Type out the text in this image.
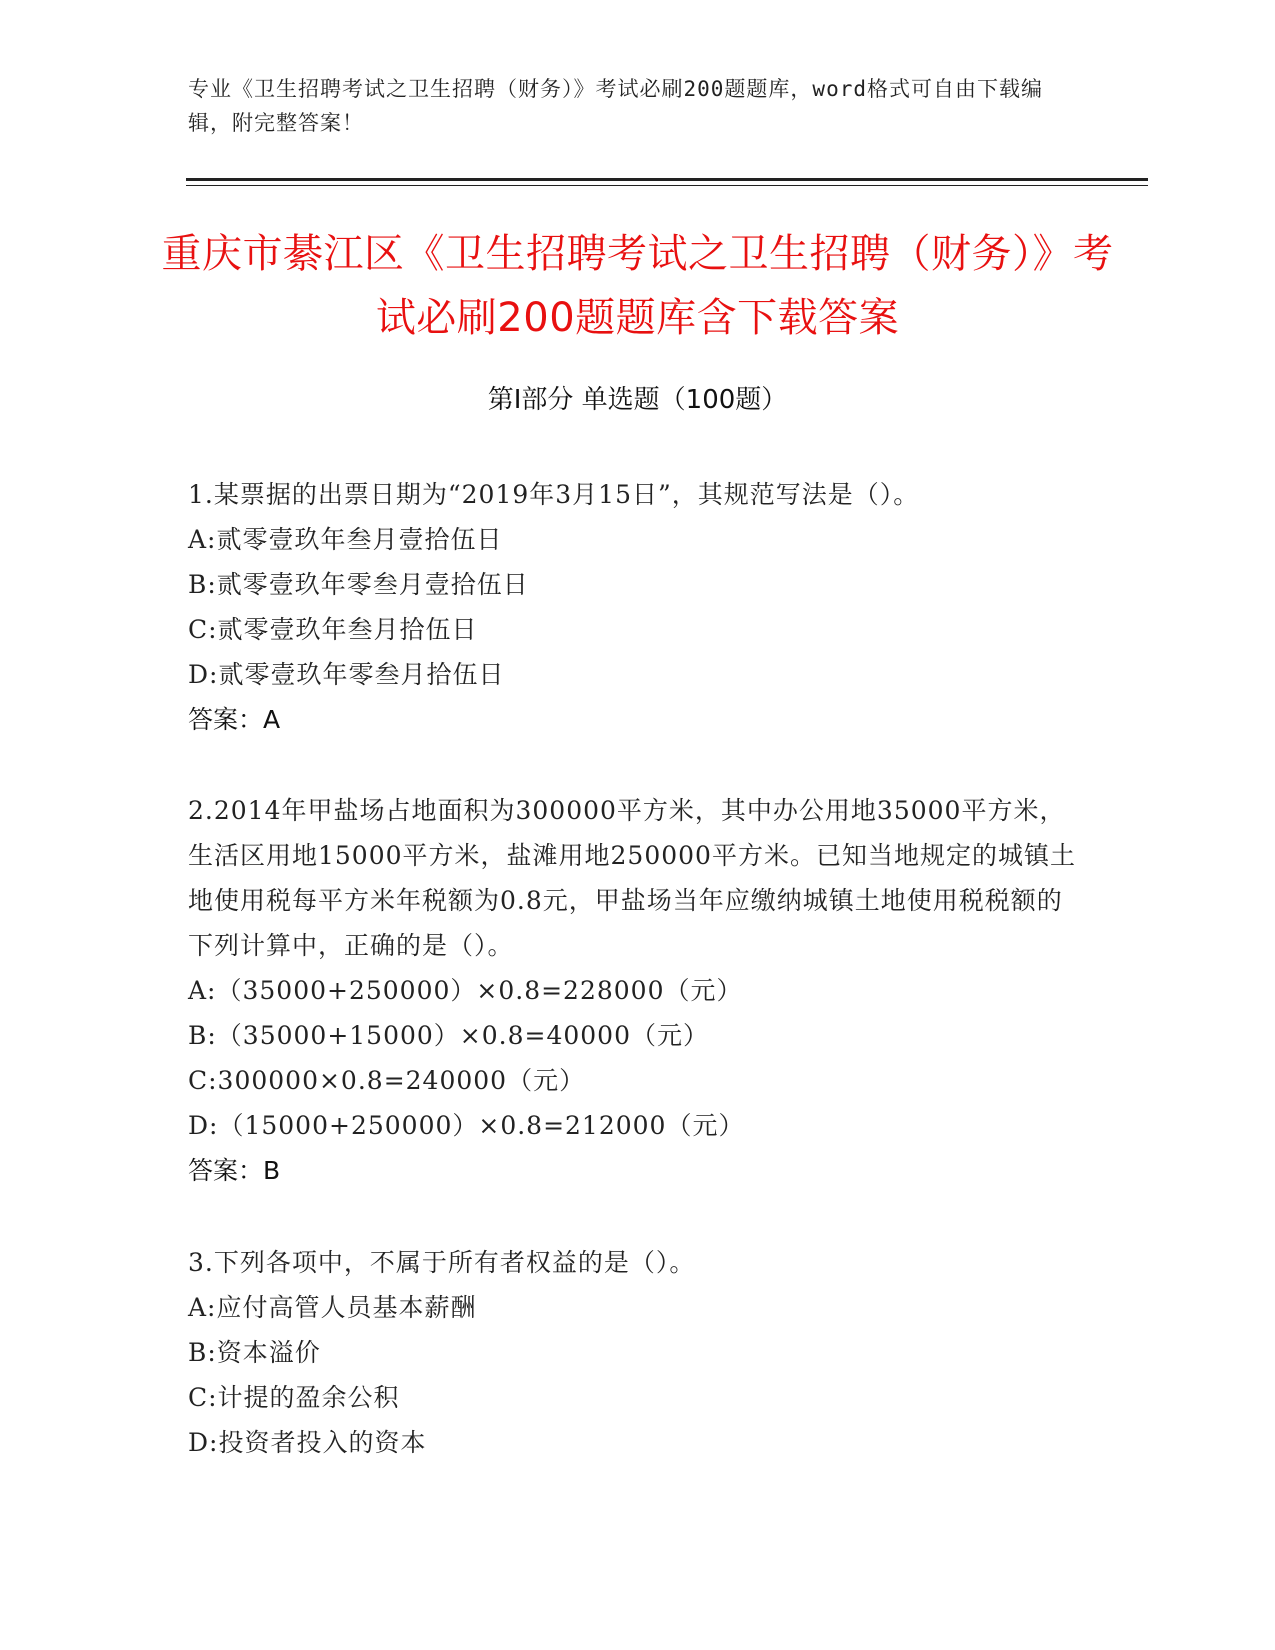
专业《卫生招聘考试之卫生招聘（财务）》考试必刷200题题库，word格式可自由下载编辑，附完整答案！
重庆市綦江区《卫生招聘考试之卫生招聘（财务）》考试必刷200题题库含下载答案
第Ⅰ部分 单选题（100题）
1.某票据的出票日期为“2019年3月15日”，其规范写法是（）。
A:贰零壹玖年叁月壹拾伍日
B:贰零壹玖年零叁月壹拾伍日
C:贰零壹玖年叁月拾伍日
D:贰零壹玖年零叁月拾伍日
答案：A
2.2014年甲盐场占地面积为300000平方米，其中办公用地35000平方米，生活区用地15000平方米，盐滩用地250000平方米。已知当地规定的城镇土地使用税每平方米年税额为0.8元，甲盐场当年应缴纳城镇土地使用税税额的下列计算中，正确的是（）。
A:（35000+250000）×0.8=228000（元）
B:（35000+15000）×0.8=40000（元）
C:300000×0.8=240000（元）
D:（15000+250000）×0.8=212000（元）
答案：B
3.下列各项中，不属于所有者权益的是（）。
A:应付高管人员基本薪酬
B:资本溢价
C:计提的盈余公积
D:投资者投入的资本
